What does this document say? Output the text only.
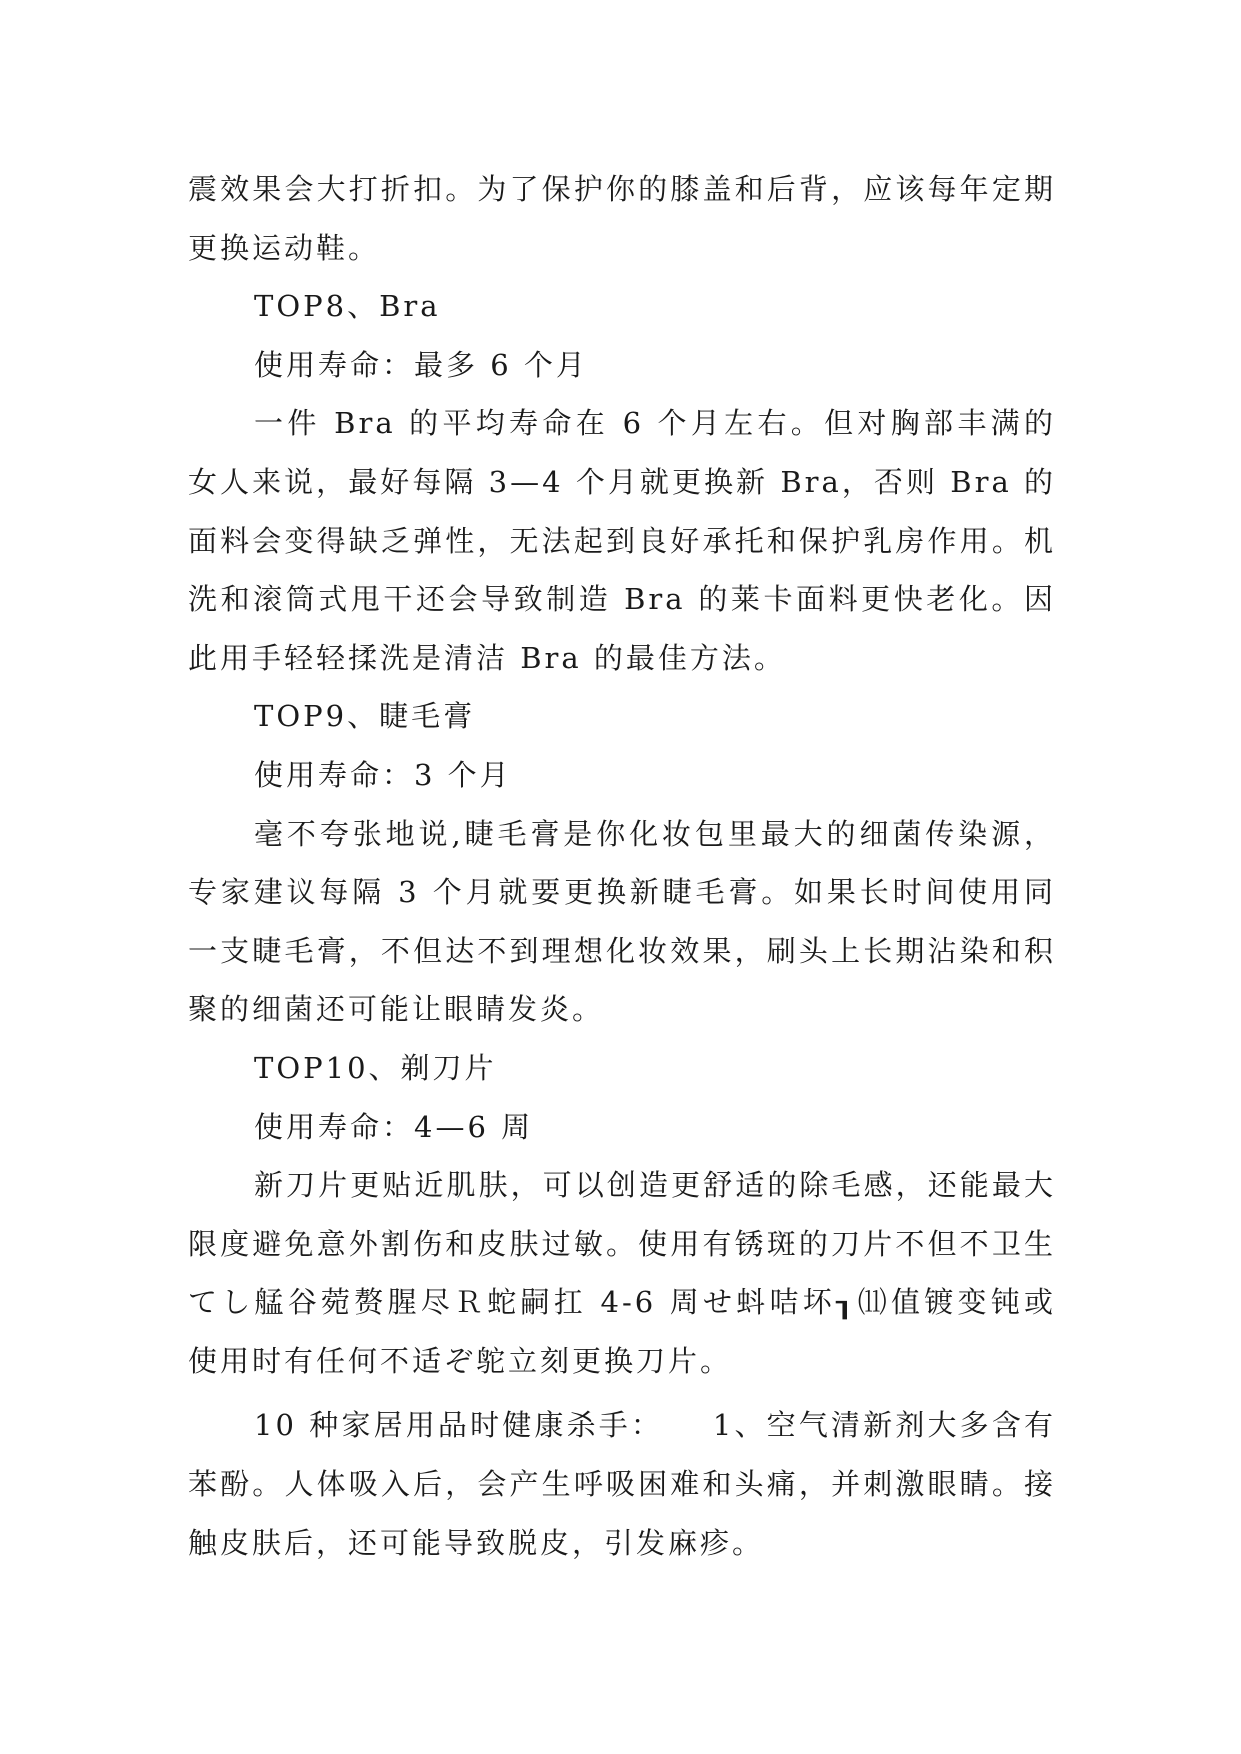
震效果会大打折扣。为了保护你的膝盖和后背，应该每年定期更换运动鞋。

TOP8、Bra

使用寿命：最多 6 个月

一件 Bra 的平均寿命在 6 个月左右。但对胸部丰满的女人来说，最好每隔 3—4 个月就更换新 Bra，否则 Bra 的面料会变得缺乏弹性，无法起到良好承托和保护乳房作用。机洗和滚筒式甩干还会导致制造 Bra 的莱卡面料更快老化。因此用手轻轻揉洗是清洁 Bra 的最佳方法。

TOP9、睫毛膏

使用寿命：3 个月

毫不夸张地说,睫毛膏是你化妆包里最大的细菌传染源，专家建议每隔 3 个月就要更换新睫毛膏。如果长时间使用同一支睫毛膏，不但达不到理想化妆效果，刷头上长期沾染和积聚的细菌还可能让眼睛发炎。

TOP10、剃刀片

使用寿命：4—6 周

新刀片更贴近肌肤，可以创造更舒适的除毛感，还能最大限度避免意外割伤和皮肤过敏。使用有锈斑的刀片不但不卫生てし艋谷菀赘腥尽Ｒ蛇嗣扛 4-6 周せ蚪咭坏┒⑾值镀变钝或使用时有任何不适ぞ鸵立刻更换刀片。

10 种家居用品时健康杀手：　　1、空气清新剂大多含有苯酚。人体吸入后，会产生呼吸困难和头痛，并刺激眼睛。接触皮肤后，还可能导致脱皮，引发麻疹。
